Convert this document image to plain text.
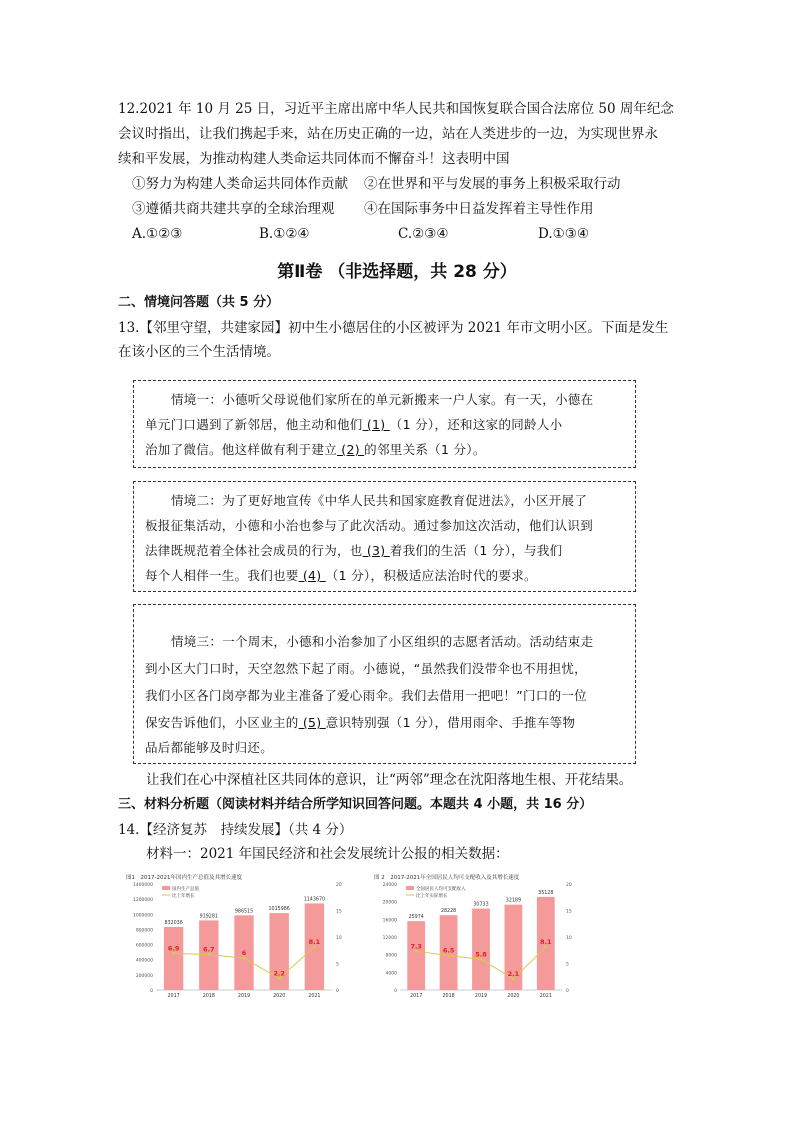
12.2021 年 10 月 25 日，习近平主席出席中华人民共和国恢复联合国合法席位 50 周年纪念
会议时指出，让我们携起手来，站在历史正确的一边，站在人类进步的一边，为实现世界永
续和平发展，为推动构建人类命运共同体而不懈奋斗！这表明中国
①努力为构建人类命运共同体作贡献 ②在世界和平与发展的事务上积极采取行动
③遵循共商共建共享的全球治理观 ④在国际事务中日益发挥着主导性作用
A.①②③	B.①②④	C.②③④	D.①③④
第Ⅱ卷 （非选择题，共 28 分）
二、情境问答题（共 5 分）
13.【邻里守望，共建家园】初中生小德居住的小区被评为 2021 年市文明小区。下面是发生
在该小区的三个生活情境。
情境一：小德听父母说他们家所在的单元新搬来一户人家。有一天，小德在
单元门口遇到了新邻居，他主动和他们 (1) （1 分），还和这家的同龄人小
治加了微信。他这样做有利于建立 (2) 的邻里关系（1 分）。
情境二：为了更好地宣传《中华人民共和国家庭教育促进法》，小区开展了
板报征集活动，小德和小治也参与了此次活动。通过参加这次活动，他们认识到
法律既规范着全体社会成员的行为，也 (3) 着我们的生活（1 分），与我们
每个人相伴一生。我们也要 (4) （1 分），积极适应法治时代的要求。
情境三：一个周末，小德和小治参加了小区组织的志愿者活动。活动结束走
到小区大门口时，天空忽然下起了雨。小德说，“虽然我们没带伞也不用担忧，
我们小区各门岗亭都为业主准备了爱心雨伞。我们去借用一把吧！”门口的一位
保安告诉他们，小区业主的 (5) 意识特别强（1 分），借用雨伞、手推车等物
品后都能够及时归还。
让我们在心中深植社区共同体的意识，让“两邻”理念在沈阳落地生根、开花结果。
三、材料分析题（阅读材料并结合所学知识回答问题。本题共 4 小题，共 16 分）
14.【经济复苏　持续发展】（共 4 分）
材料一：2021 年国民经济和社会发展统计公报的相关数据：
图1　2017-2021年国内生产总值及其增长速度
0
200000
400000
600000
800000
1000000
1200000
1400000
0
5
10
15
20
国内生产总值
比上年增长
832036
2017
919281
2018
986515
2019
1015986
2020
1143670
2021
6.9	6.7	6
2.2
8.1
图 2　2017-2021年全国居民人均可支配收入及其增长速度
0
4000
8000
12000
16000
20000
24000
0
5
10
15
20
全国居民人均可支配收入
比上年实际增长
25974
2017
28228
2018
30733
2019
32189
2020
35128
2021
7.3
6.5	5.8
2.1
8.1
